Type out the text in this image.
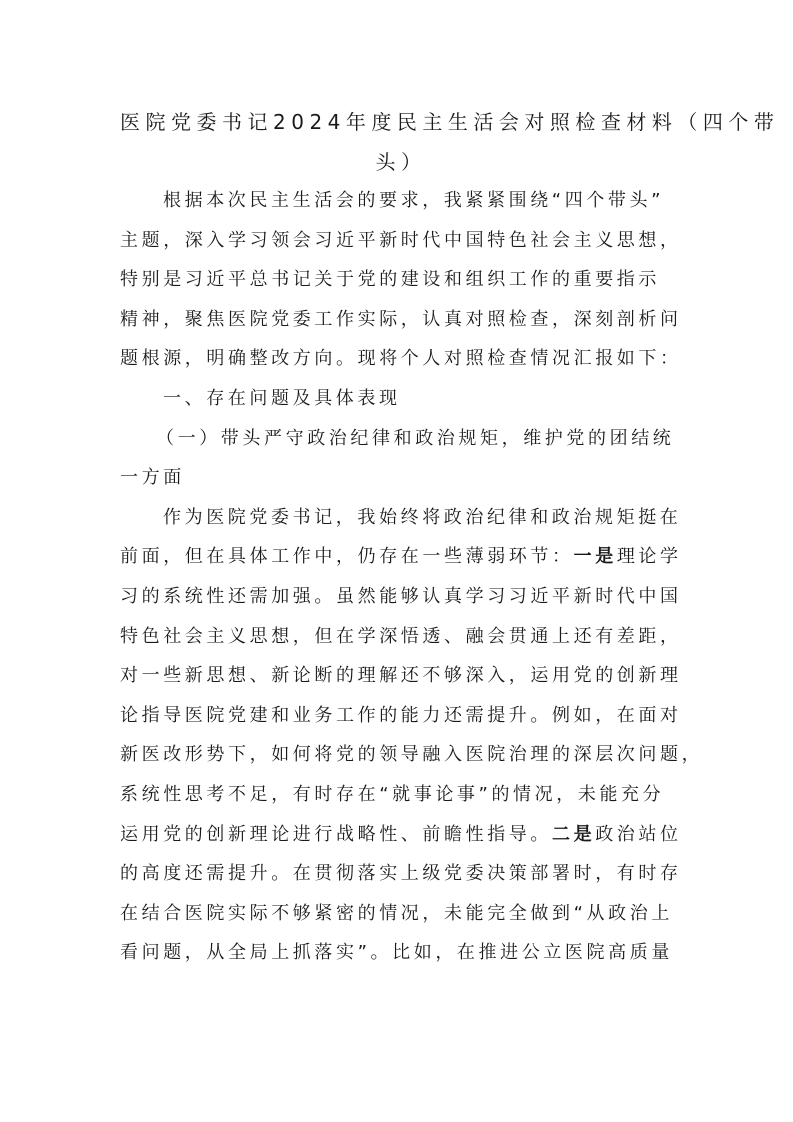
医院党委书记2024年度民主生活会对照检查材料（四个带
头）
根据本次民主生活会的要求，我紧紧围绕“四个带头”
主题，深入学习领会习近平新时代中国特色社会主义思想，
特别是习近平总书记关于党的建设和组织工作的重要指示
精神，聚焦医院党委工作实际，认真对照检查，深刻剖析问
题根源，明确整改方向。现将个人对照检查情况汇报如下：
一、存在问题及具体表现
（一）带头严守政治纪律和政治规矩，维护党的团结统
一方面
作为医院党委书记，我始终将政治纪律和政治规矩挺在
前面，但在具体工作中，仍存在一些薄弱环节：一是理论学
习的系统性还需加强。虽然能够认真学习习近平新时代中国
特色社会主义思想，但在学深悟透、融会贯通上还有差距，
对一些新思想、新论断的理解还不够深入，运用党的创新理
论指导医院党建和业务工作的能力还需提升。例如，在面对
新医改形势下，如何将党的领导融入医院治理的深层次问题，
系统性思考不足，有时存在“就事论事”的情况，未能充分
运用党的创新理论进行战略性、前瞻性指导。二是政治站位
的高度还需提升。在贯彻落实上级党委决策部署时，有时存
在结合医院实际不够紧密的情况，未能完全做到“从政治上
看问题，从全局上抓落实”。比如，在推进公立医院高质量
